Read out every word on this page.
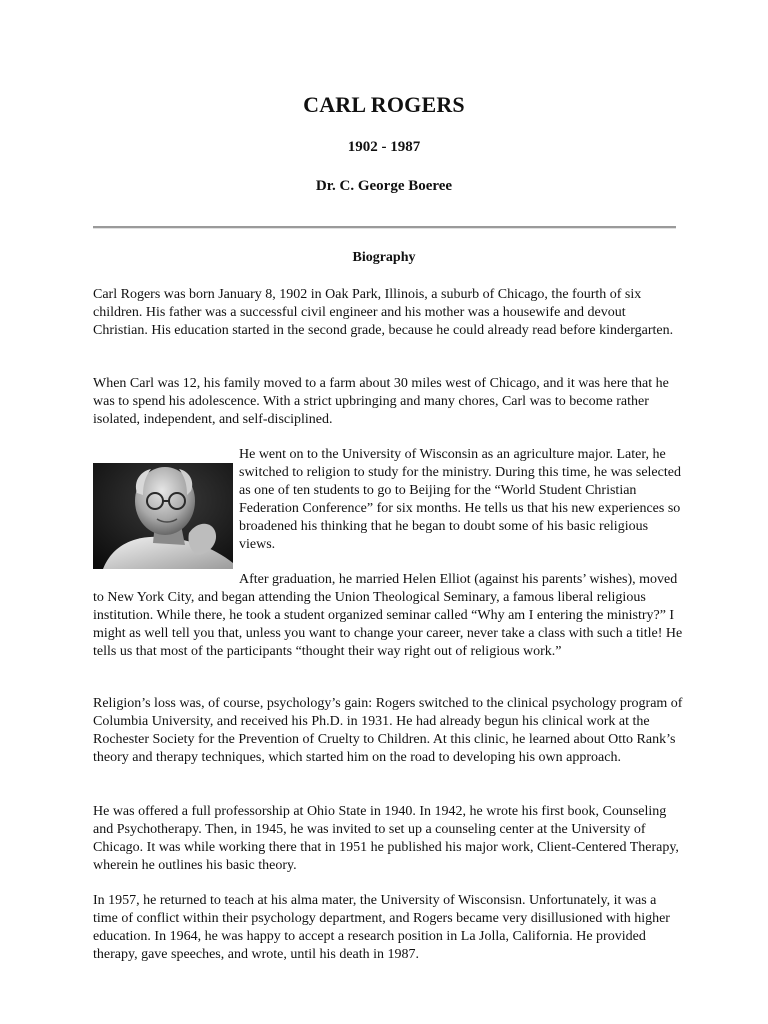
CARL ROGERS
1902 - 1987
Dr. C. George Boeree
Biography

Carl Rogers was born January 8, 1902 in Oak Park, Illinois, a suburb of Chicago, the fourth of six children. His father was a successful civil engineer and his mother was a housewife and devout Christian. His education started in the second grade, because he could already read before kindergarten.

When Carl was 12, his family moved to a farm about 30 miles west of Chicago, and it was here that he was to spend his adolescence. With a strict upbringing and many chores, Carl was to become rather isolated, independent, and self-disciplined.

He went on to the University of Wisconsin as an agriculture major. Later, he switched to religion to study for the ministry. During this time, he was selected as one of ten students to go to Beijing for the “World Student Christian Federation Conference” for six months. He tells us that his new experiences so broadened his thinking that he began to doubt some of his basic religious views.

After graduation, he married Helen Elliot (against his parents’ wishes), moved to New York City, and began attending the Union Theological Seminary, a famous liberal religious institution. While there, he took a student organized seminar called “Why am I entering the ministry?” I might as well tell you that, unless you want to change your career, never take a class with such a title! He tells us that most of the participants “thought their way right out of religious work.”

Religion’s loss was, of course, psychology’s gain: Rogers switched to the clinical psychology program of Columbia University, and received his Ph.D. in 1931. He had already begun his clinical work at the Rochester Society for the Prevention of Cruelty to Children. At this clinic, he learned about Otto Rank’s theory and therapy techniques, which started him on the road to developing his own approach.

He was offered a full professorship at Ohio State in 1940. In 1942, he wrote his first book, Counseling and Psychotherapy. Then, in 1945, he was invited to set up a counseling center at the University of Chicago. It was while working there that in 1951 he published his major work, Client-Centered Therapy, wherein he outlines his basic theory.

In 1957, he returned to teach at his alma mater, the University of Wisconsisn. Unfortunately, it was a time of conflict within their psychology department, and Rogers became very disillusioned with higher education. In 1964, he was happy to accept a research position in La Jolla, California. He provided therapy, gave speeches, and wrote, until his death in 1987.
